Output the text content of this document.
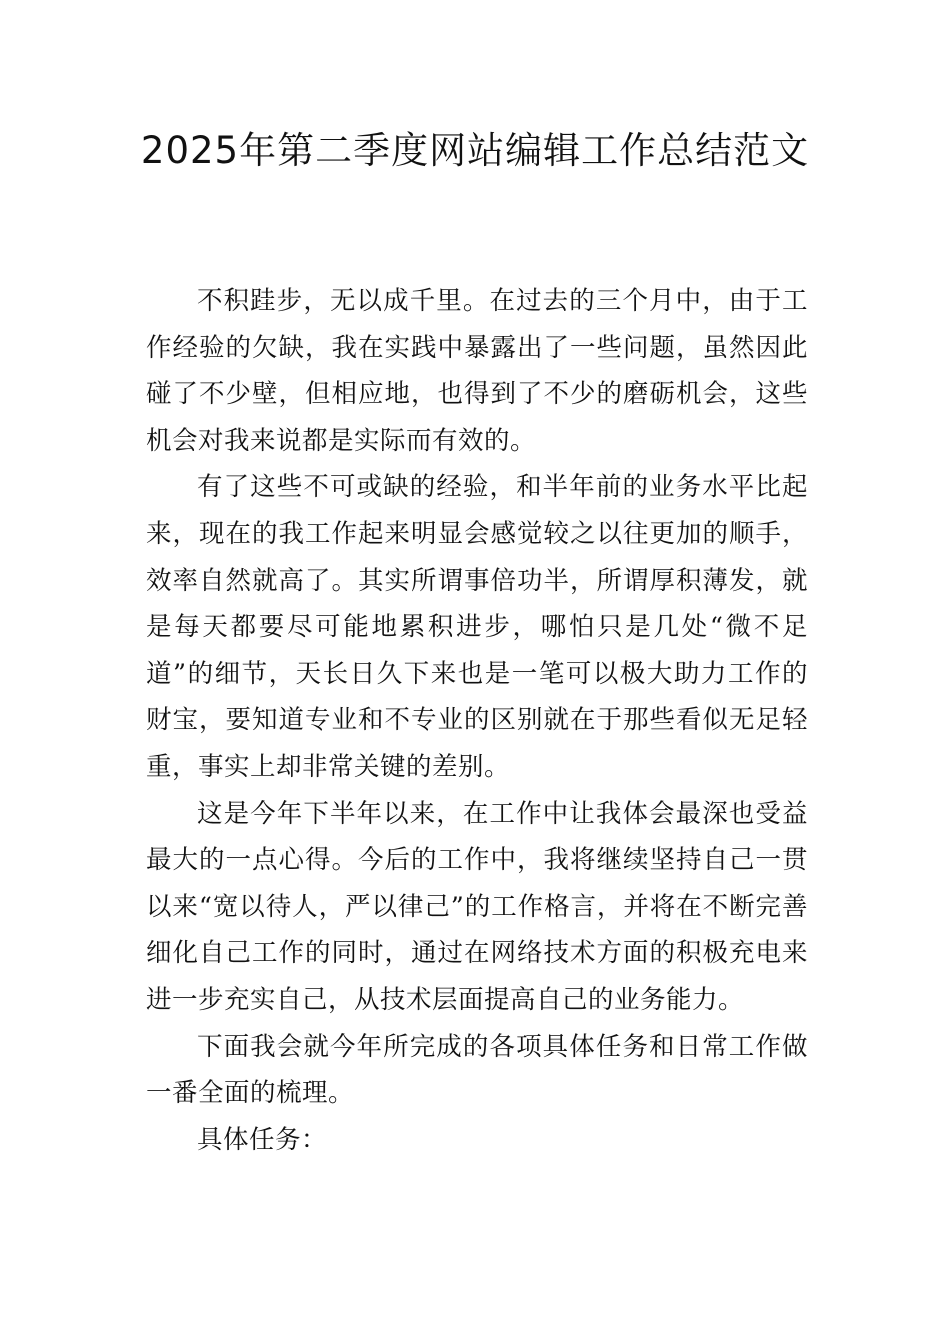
2025年第二季度网站编辑工作总结范文

不积跬步，无以成千里。在过去的三个月中，由于工作经验的欠缺，我在实践中暴露出了一些问题，虽然因此碰了不少壁，但相应地，也得到了不少的磨砺机会，这些机会对我来说都是实际而有效的。

有了这些不可或缺的经验，和半年前的业务水平比起来，现在的我工作起来明显会感觉较之以往更加的顺手，效率自然就高了。其实所谓事倍功半，所谓厚积薄发，就是每天都要尽可能地累积进步，哪怕只是几处“微不足道”的细节，天长日久下来也是一笔可以极大助力工作的财宝，要知道专业和不专业的区别就在于那些看似无足轻重，事实上却非常关键的差别。

这是今年下半年以来，在工作中让我体会最深也受益最大的一点心得。今后的工作中，我将继续坚持自己一贯以来“宽以待人，严以律己”的工作格言，并将在不断完善细化自己工作的同时，通过在网络技术方面的积极充电来进一步充实自己，从技术层面提高自己的业务能力。

下面我会就今年所完成的各项具体任务和日常工作做一番全面的梳理。

具体任务：
